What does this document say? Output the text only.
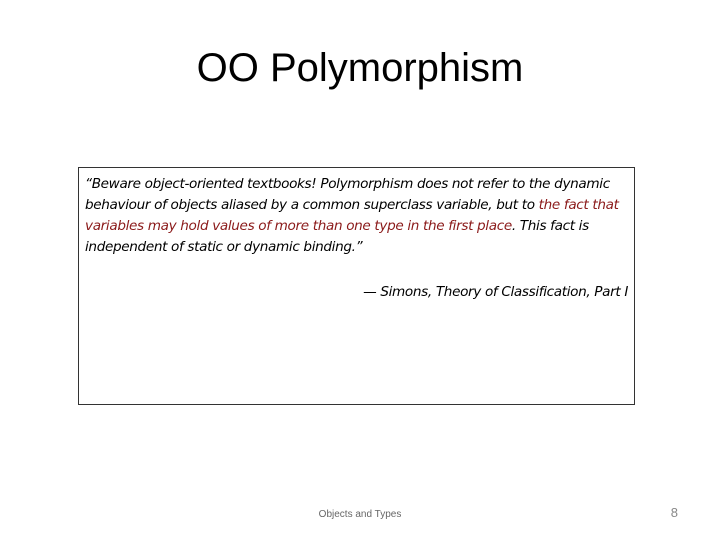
OO Polymorphism

“Beware object-oriented textbooks! Polymorphism does not refer to the dynamic behaviour of objects aliased by a common superclass variable, but to the fact that variables may hold values of more than one type in the first place. This fact is independent of static or dynamic binding.”

— Simons, Theory of Classification, Part I
Objects and Types	8
